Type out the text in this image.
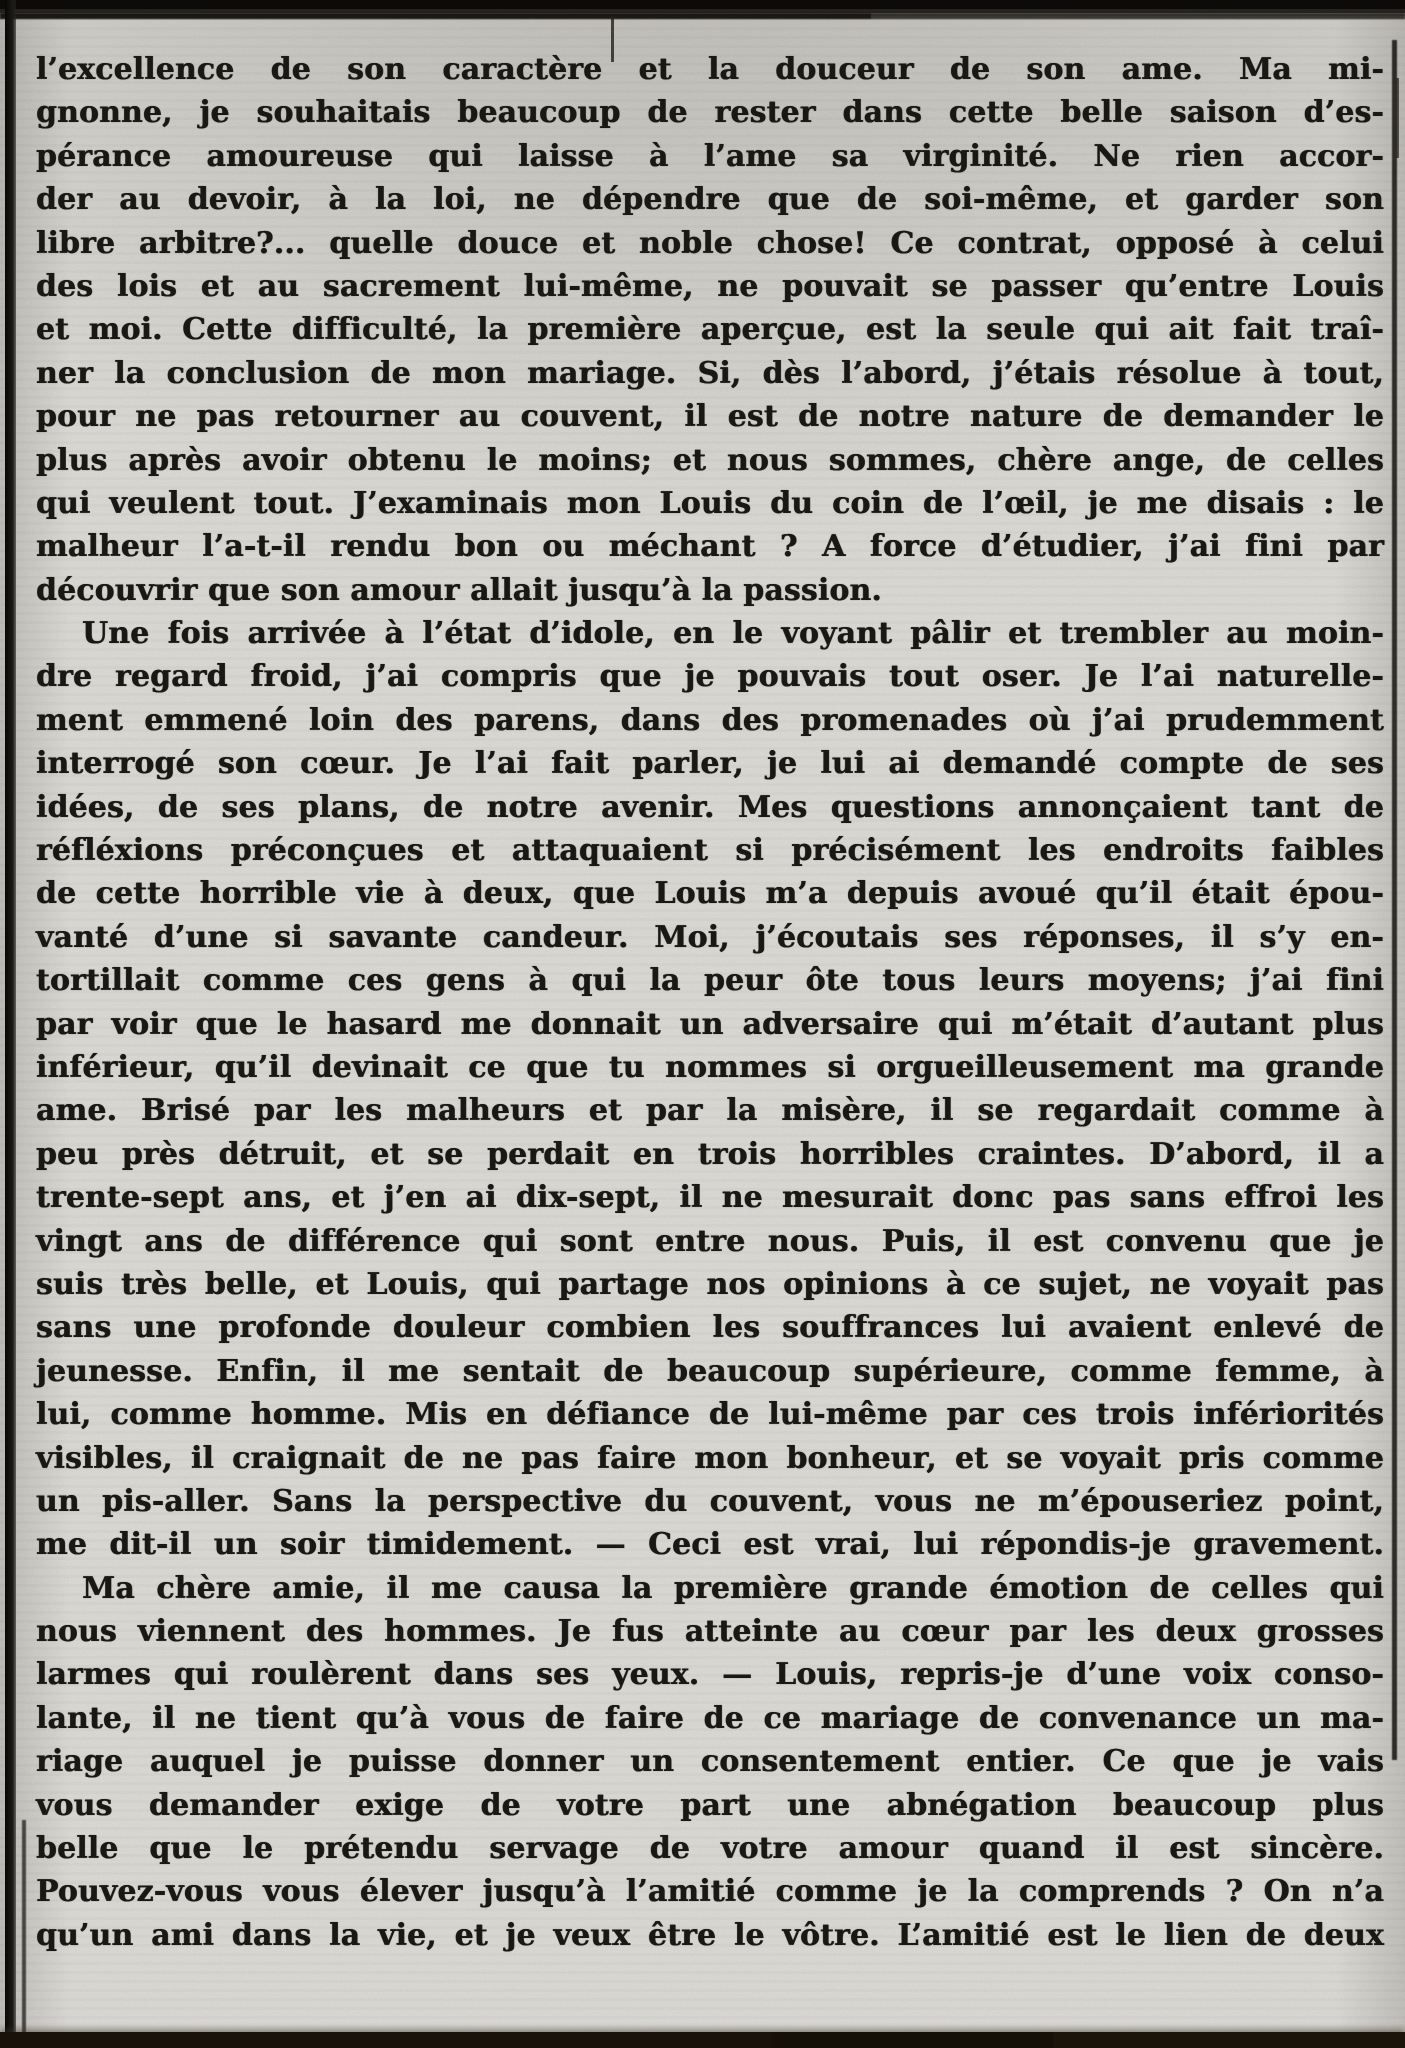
l’excellence de son caractère et la douceur de son ame. Ma mi-
gnonne, je souhaitais beaucoup de rester dans cette belle saison d’es-
pérance amoureuse qui laisse à l’ame sa virginité. Ne rien accor-
der au devoir, à la loi, ne dépendre que de soi-même, et garder son
libre arbitre?... quelle douce et noble chose! Ce contrat, opposé à celui
des lois et au sacrement lui-même, ne pouvait se passer qu’entre Louis
et moi. Cette difficulté, la première aperçue, est la seule qui ait fait traî-
ner la conclusion de mon mariage. Si, dès l’abord, j’étais résolue à tout,
pour ne pas retourner au couvent, il est de notre nature de demander le
plus après avoir obtenu le moins; et nous sommes, chère ange, de celles
qui veulent tout. J’examinais mon Louis du coin de l’œil, je me disais : le
malheur l’a-t-il rendu bon ou méchant ? A force d’étudier, j’ai fini par
découvrir que son amour allait jusqu’à la passion.
Une fois arrivée à l’état d’idole, en le voyant pâlir et trembler au moin-
dre regard froid, j’ai compris que je pouvais tout oser. Je l’ai naturelle-
ment emmené loin des parens, dans des promenades où j’ai prudemment
interrogé son cœur. Je l’ai fait parler, je lui ai demandé compte de ses
idées, de ses plans, de notre avenir. Mes questions annonçaient tant de
réfléxions préconçues et attaquaient si précisément les endroits faibles
de cette horrible vie à deux, que Louis m’a depuis avoué qu’il était épou-
vanté d’une si savante candeur. Moi, j’écoutais ses réponses, il s’y en-
tortillait comme ces gens à qui la peur ôte tous leurs moyens; j’ai fini
par voir que le hasard me donnait un adversaire qui m’était d’autant plus
inférieur, qu’il devinait ce que tu nommes si orgueilleusement ma grande
ame. Brisé par les malheurs et par la misère, il se regardait comme à
peu près détruit, et se perdait en trois horribles craintes. D’abord, il a
trente-sept ans, et j’en ai dix-sept, il ne mesurait donc pas sans effroi les
vingt ans de différence qui sont entre nous. Puis, il est convenu que je
suis très belle, et Louis, qui partage nos opinions à ce sujet, ne voyait pas
sans une profonde douleur combien les souffrances lui avaient enlevé de
jeunesse. Enfin, il me sentait de beaucoup supérieure, comme femme, à
lui, comme homme. Mis en défiance de lui-même par ces trois infériorités
visibles, il craignait de ne pas faire mon bonheur, et se voyait pris comme
un pis-aller. Sans la perspective du couvent, vous ne m’épouseriez point,
me dit-il un soir timidement. — Ceci est vrai, lui répondis-je gravement.
Ma chère amie, il me causa la première grande émotion de celles qui
nous viennent des hommes. Je fus atteinte au cœur par les deux grosses
larmes qui roulèrent dans ses yeux. — Louis, repris-je d’une voix conso-
lante, il ne tient qu’à vous de faire de ce mariage de convenance un ma-
riage auquel je puisse donner un consentement entier. Ce que je vais
vous demander exige de votre part une abnégation beaucoup plus
belle que le prétendu servage de votre amour quand il est sincère.
Pouvez-vous vous élever jusqu’à l’amitié comme je la comprends ? On n’a
qu’un ami dans la vie, et je veux être le vôtre. L’amitié est le lien de deux
